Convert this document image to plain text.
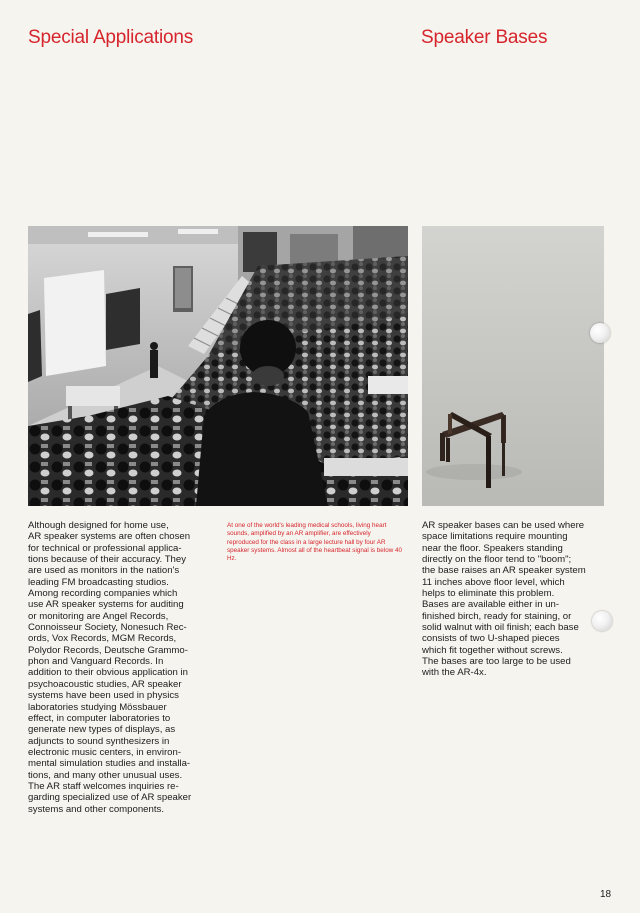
Special Applications	Speaker Bases

Although designed for home use,
AR speaker systems are often chosen
for technical or professional applica-
tions because of their accuracy. They
are used as monitors in the nation's
leading FM broadcasting studios.
Among recording companies which
use AR speaker systems for auditing
or monitoring are Angel Records,
Connoisseur Society, Nonesuch Rec-
ords, Vox Records, MGM Records,
Polydor Records, Deutsche Grammo-
phon and Vanguard Records. In
addition to their obvious application in
psychoacoustic studies, AR speaker
systems have been used in physics
laboratories studying Mössbauer
effect, in computer laboratories to
generate new types of displays, as
adjuncts to sound synthesizers in
electronic music centers, in environ-
mental simulation studies and installa-
tions, and many other unusual uses.
The AR staff welcomes inquiries re-
garding specialized use of AR speaker
systems and other components.

At one of the world's leading medical schools, living heart sounds, amplified by an AR amplifier, are effectively reproduced for the class in a large lecture hall by four AR speaker systems. Almost all of the heartbeat signal is below 40 Hz.

AR speaker bases can be used where
space limitations require mounting
near the floor. Speakers standing
directly on the floor tend to "boom";
the base raises an AR speaker system
11 inches above floor level, which
helps to eliminate this problem.
Bases are available either in un-
finished birch, ready for staining, or
solid walnut with oil finish; each base
consists of two U-shaped pieces
which fit together without screws.
The bases are too large to be used
with the AR-4x.

18
